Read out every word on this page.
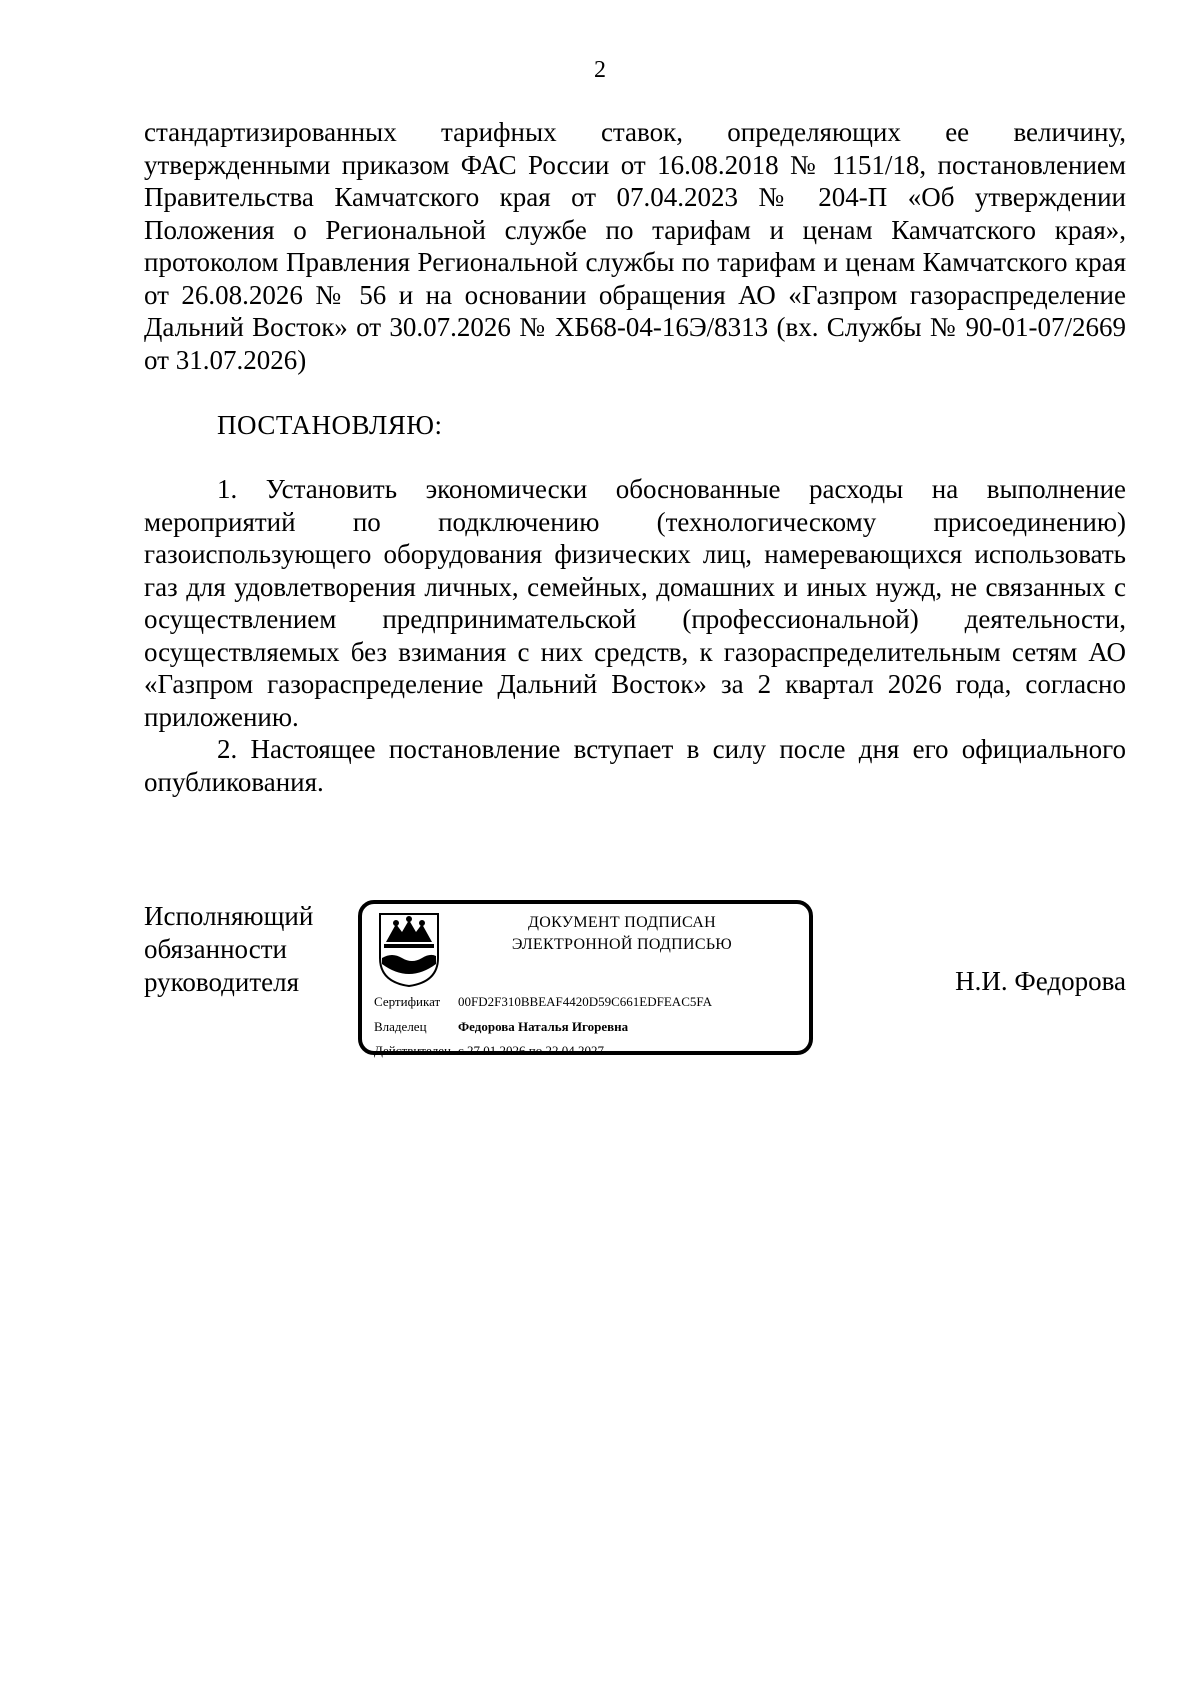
2

стандартизированных тарифных ставок, определяющих ее величину, утвержденными приказом ФАС России от 16.08.2018 № 1151/18, постановлением Правительства Камчатского края от 07.04.2023 № 204-П «Об утверждении Положения о Региональной службе по тарифам и ценам Камчатского края», протоколом Правления Региональной службы по тарифам и ценам Камчатского края от 26.08.2026 № 56 и на основании обращения АО «Газпром газораспределение Дальний Восток» от 30.07.2026 № ХБ68-04-16Э/8313 (вх. Службы № 90-01-07/2669 от 31.07.2026)

ПОСТАНОВЛЯЮ:

1. Установить экономически обоснованные расходы на выполнение мероприятий по подключению (технологическому присоединению) газоиспользующего оборудования физических лиц, намеревающихся использовать газ для удовлетворения личных, семейных, домашних и иных нужд, не связанных с осуществлением предпринимательской (профессиональной) деятельности, осуществляемых без взимания с них средств, к газораспределительным сетям АО «Газпром газораспределение Дальний Восток» за 2 квартал 2026 года, согласно приложению.

2. Настоящее постановление вступает в силу после дня его официального опубликования.

Исполняющий
обязанности
руководителя
ДОКУМЕНТ ПОДПИСАН
ЭЛЕКТРОННОЙ ПОДПИСЬЮ
Сертификат 00FD2F310BBEAF4420D59C661EDFEAC5FA
Владелец Федорова Наталья Игоревна
Действителен с 27.01.2026 по 22.04.2027
Н.И. Федорова
